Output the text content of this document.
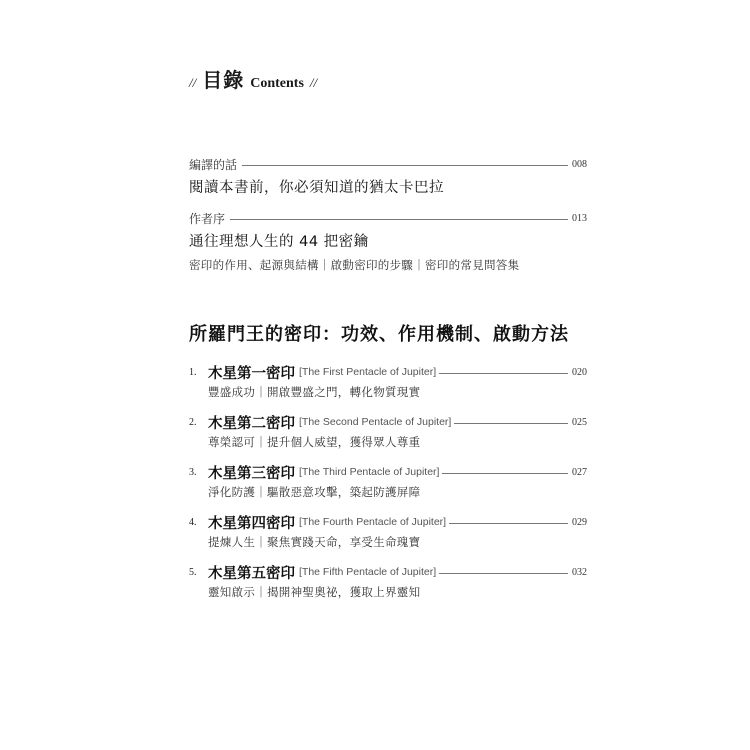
// 目錄 Contents //
編譯的話	008
閱讀本書前，你必須知道的猶太卡巴拉
作者序	013
通往理想人生的 44 把密鑰
密印的作用、起源與結構｜啟動密印的步驟｜密印的常見問答集
所羅門王的密印：功效、作用機制、啟動方法
1. 木星第一密印 [The First Pentacle of Jupiter]	020
豐盛成功｜開啟豐盛之門，轉化物質現實
2. 木星第二密印 [The Second Pentacle of Jupiter]	025
尊榮認可｜提升個人威望，獲得眾人尊重
3. 木星第三密印 [The Third Pentacle of Jupiter]	027
淨化防護｜驅散惡意攻擊，築起防護屏障
4. 木星第四密印 [The Fourth Pentacle of Jupiter]	029
提煉人生｜聚焦實踐天命，享受生命瑰寶
5. 木星第五密印 [The Fifth Pentacle of Jupiter]	032
靈知啟示｜揭開神聖奧祕，獲取上界靈知
